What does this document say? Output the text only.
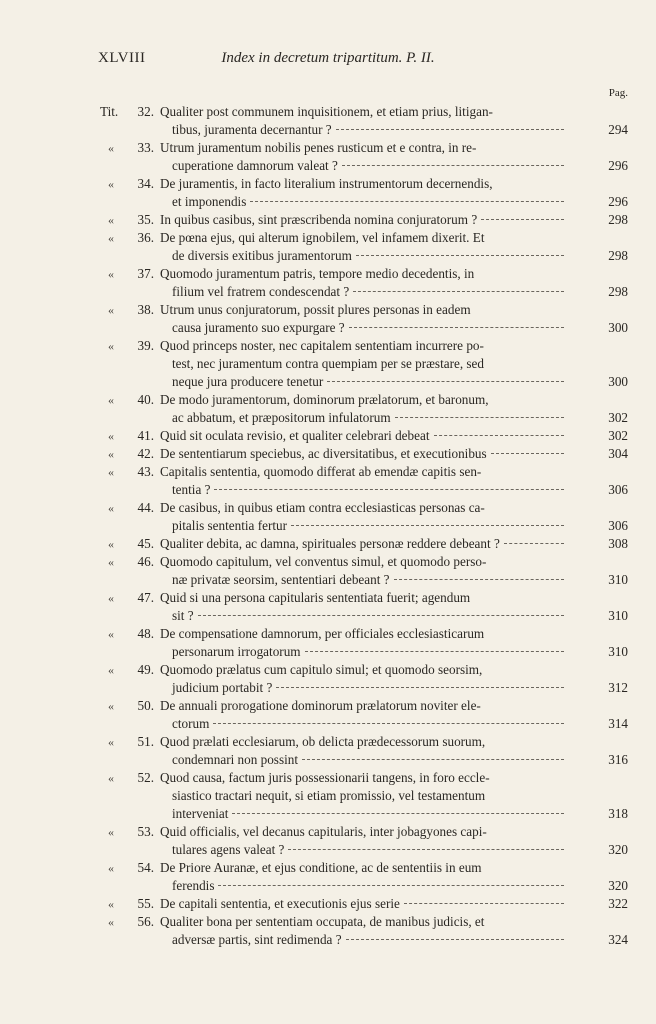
XLVIII	Index in decretum tripartitum. P. II.
Pag.
Tit. 32. Qualiter post communem inquisitionem, et etiam prius, litigan-
tibus, juramenta decernantur ?	294
« 33. Utrum juramentum nobilis penes rusticum et e contra, in re-
cuperatione damnorum valeat ?	296
« 34. De juramentis, in facto literalium instrumentorum decernendis,
et imponendis	296
« 35. In quibus casibus, sint præscribenda nomina conjuratorum ?	298
« 36. De pœna ejus, qui alterum ignobilem, vel infamem dixerit. Et
de diversis exitibus juramentorum	298
« 37. Quomodo juramentum patris, tempore medio decedentis, in
filium vel fratrem condescendat ?	298
« 38. Utrum unus conjuratorum, possit plures personas in eadem
causa juramento suo expurgare ?	300
« 39. Quod princeps noster, nec capitalem sententiam incurrere po-
test, nec juramentum contra quempiam per se præstare, sed
neque jura producere tenetur	300
« 40. De modo juramentorum, dominorum prælatorum, et baronum,
ac abbatum, et præpositorum infulatorum	302
« 41. Quid sit oculata revisio, et qualiter celebrari debeat	302
« 42. De sententiarum speciebus, ac diversitatibus, et executionibus	304
« 43. Capitalis sententia, quomodo differat ab emendæ capitis sen-
tentia ?	306
« 44. De casibus, in quibus etiam contra ecclesiasticas personas ca-
pitalis sententia fertur	306
« 45. Qualiter debita, ac damna, spirituales personæ reddere debeant ?	308
« 46. Quomodo capitulum, vel conventus simul, et quomodo perso-
næ privatæ seorsim, sententiari debeant ?	310
« 47. Quid si una persona capitularis sententiata fuerit; agendum
sit ?	310
« 48. De compensatione damnorum, per officiales ecclesiasticarum
personarum irrogatorum	310
« 49. Quomodo prælatus cum capitulo simul; et quomodo seorsim,
judicium portabit ?	312
« 50. De annuali prorogatione dominorum prælatorum noviter ele-
ctorum	314
« 51. Quod prælati ecclesiarum, ob delicta prædecessorum suorum,
condemnari non possint	316
« 52. Quod causa, factum juris possessionarii tangens, in foro eccle-
siastico tractari nequit, si etiam promissio, vel testamentum
interveniat	318
« 53. Quid officialis, vel decanus capitularis, inter jobagyones capi-
tulares agens valeat ?	320
« 54. De Priore Auranæ, et ejus conditione, ac de sententiis in eum
ferendis	320
« 55. De capitali sententia, et executionis ejus serie	322
« 56. Qualiter bona per sententiam occupata, de manibus judicis, et
adversæ partis, sint redimenda ?	324
